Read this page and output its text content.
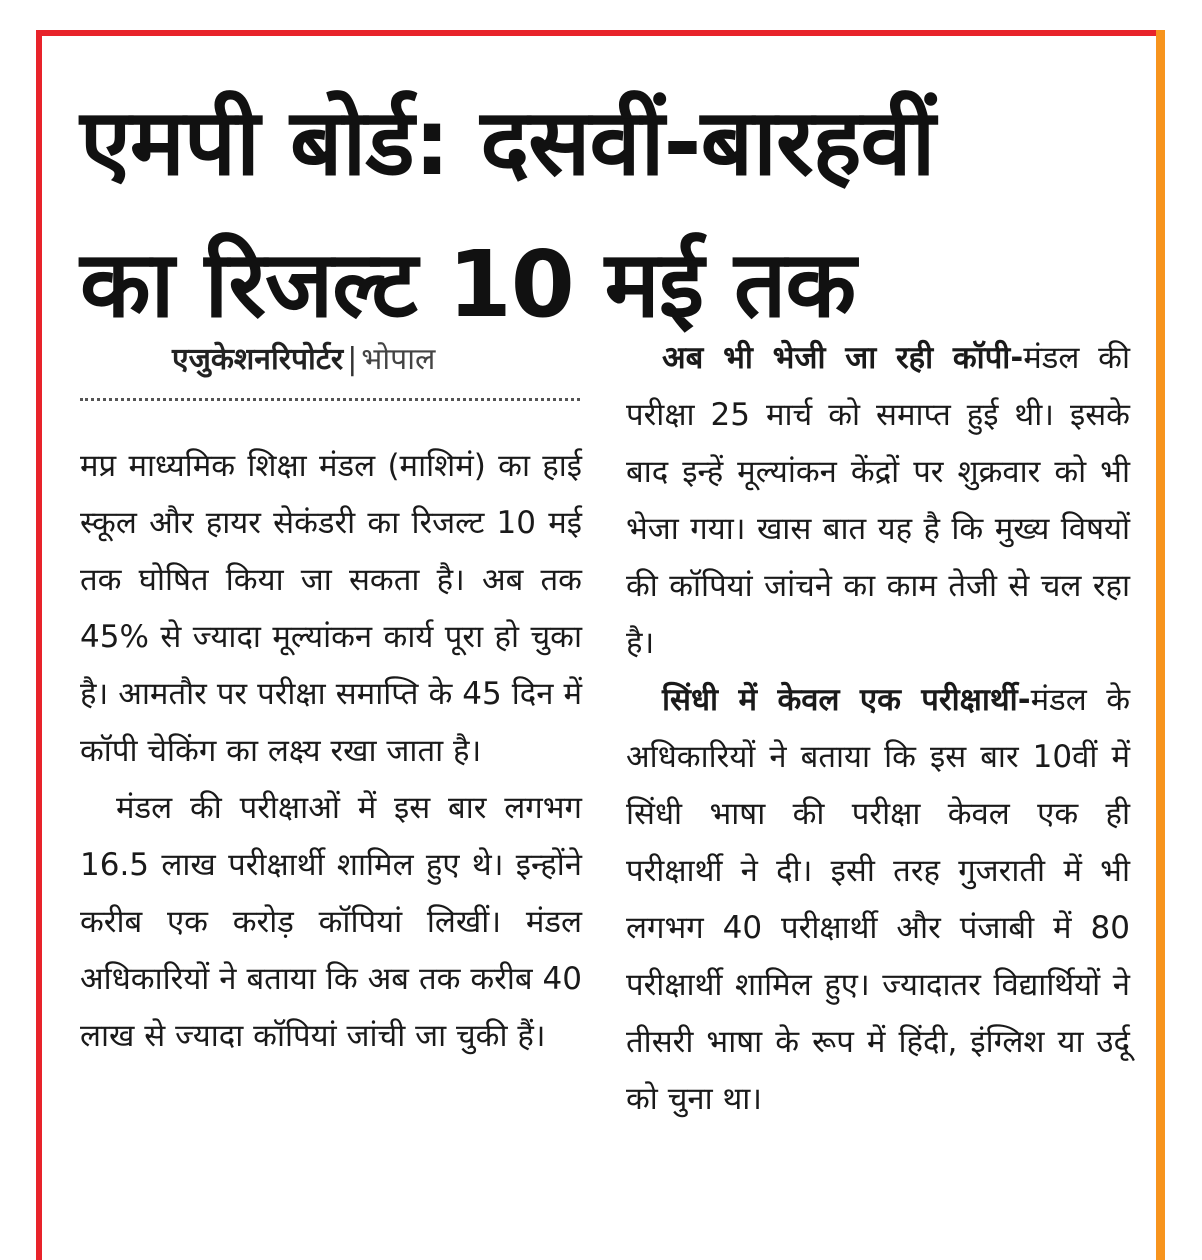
एमपी बोर्ड: दसवीं-बारहवीं
का रिजल्ट 10 मई तक
एजुकेशनरिपोर्टर | भोपाल

मप्र माध्यमिक शिक्षा मंडल (माशिमं) का हाई स्कूल और हायर सेकंडरी का रिजल्ट 10 मई तक घोषित किया जा सकता है। अब तक 45% से ज्यादा मूल्यांकन कार्य पूरा हो चुका है। आमतौर पर परीक्षा समाप्ति के 45 दिन में कॉपी चेकिंग का लक्ष्य रखा जाता है।

मंडल की परीक्षाओं में इस बार लगभग 16.5 लाख परीक्षार्थी शामिल हुए थे। इन्होंने करीब एक करोड़ कॉपियां लिखीं। मंडल अधिकारियों ने बताया कि अब तक करीब 40 लाख से ज्यादा कॉपियां जांची जा चुकी हैं।

अब भी भेजी जा रही कॉपी-मंडल की परीक्षा 25 मार्च को समाप्त हुई थी। इसके बाद इन्हें मूल्यांकन केंद्रों पर शुक्रवार को भी भेजा गया। खास बात यह है कि मुख्य विषयों की कॉपियां जांचने का काम तेजी से चल रहा है।

सिंधी में केवल एक परीक्षार्थी-मंडल के अधिकारियों ने बताया कि इस बार 10वीं में सिंधी भाषा की परीक्षा केवल एक ही परीक्षार्थी ने दी। इसी तरह गुजराती में भी लगभग 40 परीक्षार्थी और पंजाबी में 80 परीक्षार्थी शामिल हुए। ज्यादातर विद्यार्थियों ने तीसरी भाषा के रूप में हिंदी, इंग्लिश या उर्दू को चुना था।
